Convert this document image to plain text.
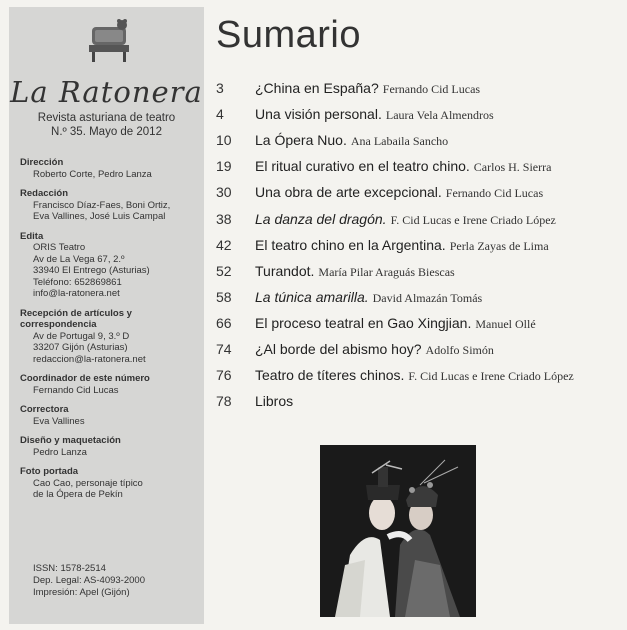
La Ratonera
Revista asturiana de teatro
N.º 35. Mayo de 2012
Dirección
Roberto Corte, Pedro Lanza
Redacción
Francisco Díaz-Faes, Boni Ortiz,
Eva Vallines, José Luis Campal
Edita
ORIS Teatro
Av de La Vega 67, 2.º
33940 El Entrego (Asturias)
Teléfono: 652869861
info@la-ratonera.net
Recepción de artículos y correspondencia
Av de Portugal 9, 3.º D
33207 Gijón (Asturias)
redaccion@la-ratonera.net
Coordinador de este número
Fernando Cid Lucas
Correctora
Eva Vallines
Diseño y maquetación
Pedro Lanza
Foto portada
Cao Cao, personaje típico
de la Ópera de Pekín
ISSN: 1578-2514
Dep. Legal: AS-4093-2000
Impresión: Apel (Gijón)
Sumario
3	¿China en España? Fernando Cid Lucas
4	Una visión personal. Laura Vela Almendros
10	La Ópera Nuo. Ana Labaila Sancho
19	El ritual curativo en el teatro chino. Carlos H. Sierra
30	Una obra de arte excepcional. Fernando Cid Lucas
38	La danza del dragón. F. Cid Lucas e Irene Criado López
42	El teatro chino en la Argentina. Perla Zayas de Lima
52	Turandot. María Pilar Araguás Biescas
58	La túnica amarilla. David Almazán Tomás
66	El proceso teatral en Gao Xingjian. Manuel Ollé
74	¿Al borde del abismo hoy? Adolfo Simón
76	Teatro de títeres chinos. F. Cid Lucas e Irene Criado López
78	Libros
